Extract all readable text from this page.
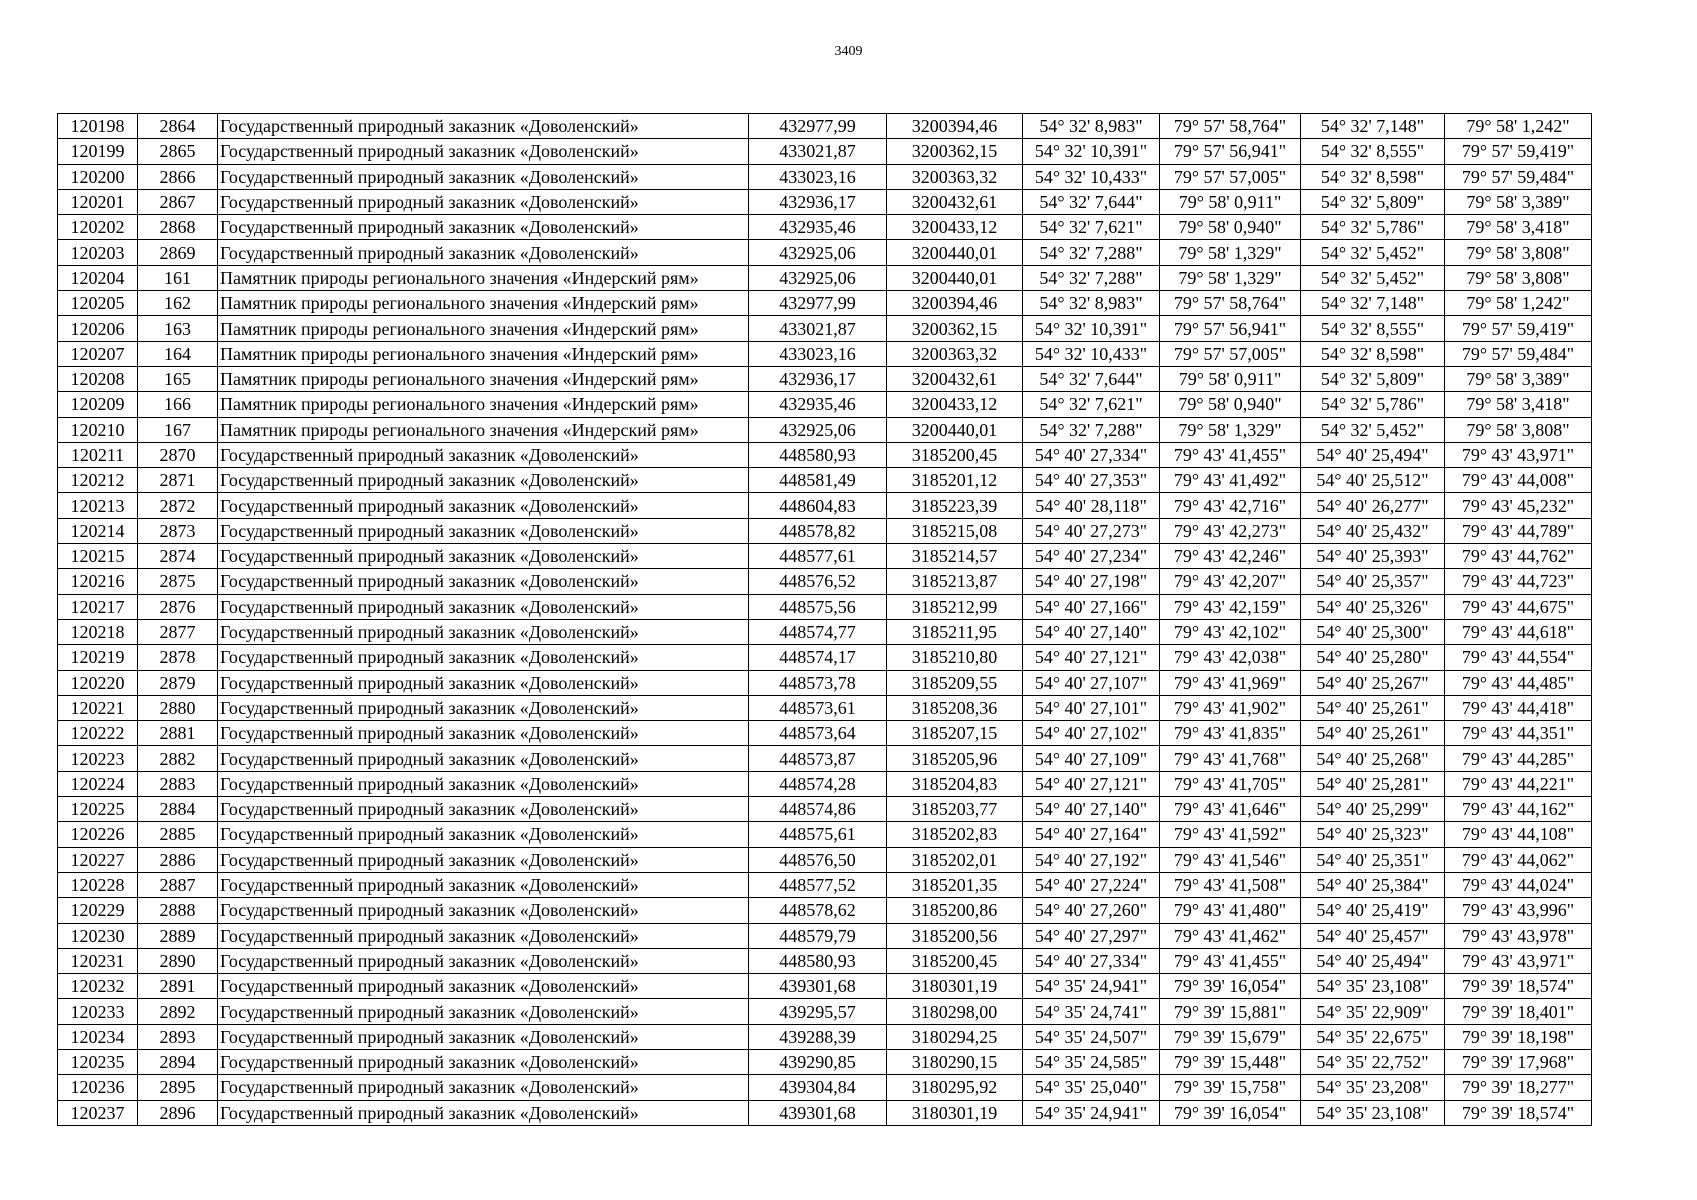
3409
120198	2864	Государственный природный заказник «Доволенский»	432977,99	3200394,46	54° 32' 8,983"	79° 57' 58,764"	54° 32' 7,148"	79° 58' 1,242"
120199	2865	Государственный природный заказник «Доволенский»	433021,87	3200362,15	54° 32' 10,391"	79° 57' 56,941"	54° 32' 8,555"	79° 57' 59,419"
120200	2866	Государственный природный заказник «Доволенский»	433023,16	3200363,32	54° 32' 10,433"	79° 57' 57,005"	54° 32' 8,598"	79° 57' 59,484"
120201	2867	Государственный природный заказник «Доволенский»	432936,17	3200432,61	54° 32' 7,644"	79° 58' 0,911"	54° 32' 5,809"	79° 58' 3,389"
120202	2868	Государственный природный заказник «Доволенский»	432935,46	3200433,12	54° 32' 7,621"	79° 58' 0,940"	54° 32' 5,786"	79° 58' 3,418"
120203	2869	Государственный природный заказник «Доволенский»	432925,06	3200440,01	54° 32' 7,288"	79° 58' 1,329"	54° 32' 5,452"	79° 58' 3,808"
120204	161	Памятник природы регионального значения «Индерский рям»	432925,06	3200440,01	54° 32' 7,288"	79° 58' 1,329"	54° 32' 5,452"	79° 58' 3,808"
120205	162	Памятник природы регионального значения «Индерский рям»	432977,99	3200394,46	54° 32' 8,983"	79° 57' 58,764"	54° 32' 7,148"	79° 58' 1,242"
120206	163	Памятник природы регионального значения «Индерский рям»	433021,87	3200362,15	54° 32' 10,391"	79° 57' 56,941"	54° 32' 8,555"	79° 57' 59,419"
120207	164	Памятник природы регионального значения «Индерский рям»	433023,16	3200363,32	54° 32' 10,433"	79° 57' 57,005"	54° 32' 8,598"	79° 57' 59,484"
120208	165	Памятник природы регионального значения «Индерский рям»	432936,17	3200432,61	54° 32' 7,644"	79° 58' 0,911"	54° 32' 5,809"	79° 58' 3,389"
120209	166	Памятник природы регионального значения «Индерский рям»	432935,46	3200433,12	54° 32' 7,621"	79° 58' 0,940"	54° 32' 5,786"	79° 58' 3,418"
120210	167	Памятник природы регионального значения «Индерский рям»	432925,06	3200440,01	54° 32' 7,288"	79° 58' 1,329"	54° 32' 5,452"	79° 58' 3,808"
120211	2870	Государственный природный заказник «Доволенский»	448580,93	3185200,45	54° 40' 27,334"	79° 43' 41,455"	54° 40' 25,494"	79° 43' 43,971"
120212	2871	Государственный природный заказник «Доволенский»	448581,49	3185201,12	54° 40' 27,353"	79° 43' 41,492"	54° 40' 25,512"	79° 43' 44,008"
120213	2872	Государственный природный заказник «Доволенский»	448604,83	3185223,39	54° 40' 28,118"	79° 43' 42,716"	54° 40' 26,277"	79° 43' 45,232"
120214	2873	Государственный природный заказник «Доволенский»	448578,82	3185215,08	54° 40' 27,273"	79° 43' 42,273"	54° 40' 25,432"	79° 43' 44,789"
120215	2874	Государственный природный заказник «Доволенский»	448577,61	3185214,57	54° 40' 27,234"	79° 43' 42,246"	54° 40' 25,393"	79° 43' 44,762"
120216	2875	Государственный природный заказник «Доволенский»	448576,52	3185213,87	54° 40' 27,198"	79° 43' 42,207"	54° 40' 25,357"	79° 43' 44,723"
120217	2876	Государственный природный заказник «Доволенский»	448575,56	3185212,99	54° 40' 27,166"	79° 43' 42,159"	54° 40' 25,326"	79° 43' 44,675"
120218	2877	Государственный природный заказник «Доволенский»	448574,77	3185211,95	54° 40' 27,140"	79° 43' 42,102"	54° 40' 25,300"	79° 43' 44,618"
120219	2878	Государственный природный заказник «Доволенский»	448574,17	3185210,80	54° 40' 27,121"	79° 43' 42,038"	54° 40' 25,280"	79° 43' 44,554"
120220	2879	Государственный природный заказник «Доволенский»	448573,78	3185209,55	54° 40' 27,107"	79° 43' 41,969"	54° 40' 25,267"	79° 43' 44,485"
120221	2880	Государственный природный заказник «Доволенский»	448573,61	3185208,36	54° 40' 27,101"	79° 43' 41,902"	54° 40' 25,261"	79° 43' 44,418"
120222	2881	Государственный природный заказник «Доволенский»	448573,64	3185207,15	54° 40' 27,102"	79° 43' 41,835"	54° 40' 25,261"	79° 43' 44,351"
120223	2882	Государственный природный заказник «Доволенский»	448573,87	3185205,96	54° 40' 27,109"	79° 43' 41,768"	54° 40' 25,268"	79° 43' 44,285"
120224	2883	Государственный природный заказник «Доволенский»	448574,28	3185204,83	54° 40' 27,121"	79° 43' 41,705"	54° 40' 25,281"	79° 43' 44,221"
120225	2884	Государственный природный заказник «Доволенский»	448574,86	3185203,77	54° 40' 27,140"	79° 43' 41,646"	54° 40' 25,299"	79° 43' 44,162"
120226	2885	Государственный природный заказник «Доволенский»	448575,61	3185202,83	54° 40' 27,164"	79° 43' 41,592"	54° 40' 25,323"	79° 43' 44,108"
120227	2886	Государственный природный заказник «Доволенский»	448576,50	3185202,01	54° 40' 27,192"	79° 43' 41,546"	54° 40' 25,351"	79° 43' 44,062"
120228	2887	Государственный природный заказник «Доволенский»	448577,52	3185201,35	54° 40' 27,224"	79° 43' 41,508"	54° 40' 25,384"	79° 43' 44,024"
120229	2888	Государственный природный заказник «Доволенский»	448578,62	3185200,86	54° 40' 27,260"	79° 43' 41,480"	54° 40' 25,419"	79° 43' 43,996"
120230	2889	Государственный природный заказник «Доволенский»	448579,79	3185200,56	54° 40' 27,297"	79° 43' 41,462"	54° 40' 25,457"	79° 43' 43,978"
120231	2890	Государственный природный заказник «Доволенский»	448580,93	3185200,45	54° 40' 27,334"	79° 43' 41,455"	54° 40' 25,494"	79° 43' 43,971"
120232	2891	Государственный природный заказник «Доволенский»	439301,68	3180301,19	54° 35' 24,941"	79° 39' 16,054"	54° 35' 23,108"	79° 39' 18,574"
120233	2892	Государственный природный заказник «Доволенский»	439295,57	3180298,00	54° 35' 24,741"	79° 39' 15,881"	54° 35' 22,909"	79° 39' 18,401"
120234	2893	Государственный природный заказник «Доволенский»	439288,39	3180294,25	54° 35' 24,507"	79° 39' 15,679"	54° 35' 22,675"	79° 39' 18,198"
120235	2894	Государственный природный заказник «Доволенский»	439290,85	3180290,15	54° 35' 24,585"	79° 39' 15,448"	54° 35' 22,752"	79° 39' 17,968"
120236	2895	Государственный природный заказник «Доволенский»	439304,84	3180295,92	54° 35' 25,040"	79° 39' 15,758"	54° 35' 23,208"	79° 39' 18,277"
120237	2896	Государственный природный заказник «Доволенский»	439301,68	3180301,19	54° 35' 24,941"	79° 39' 16,054"	54° 35' 23,108"	79° 39' 18,574"
